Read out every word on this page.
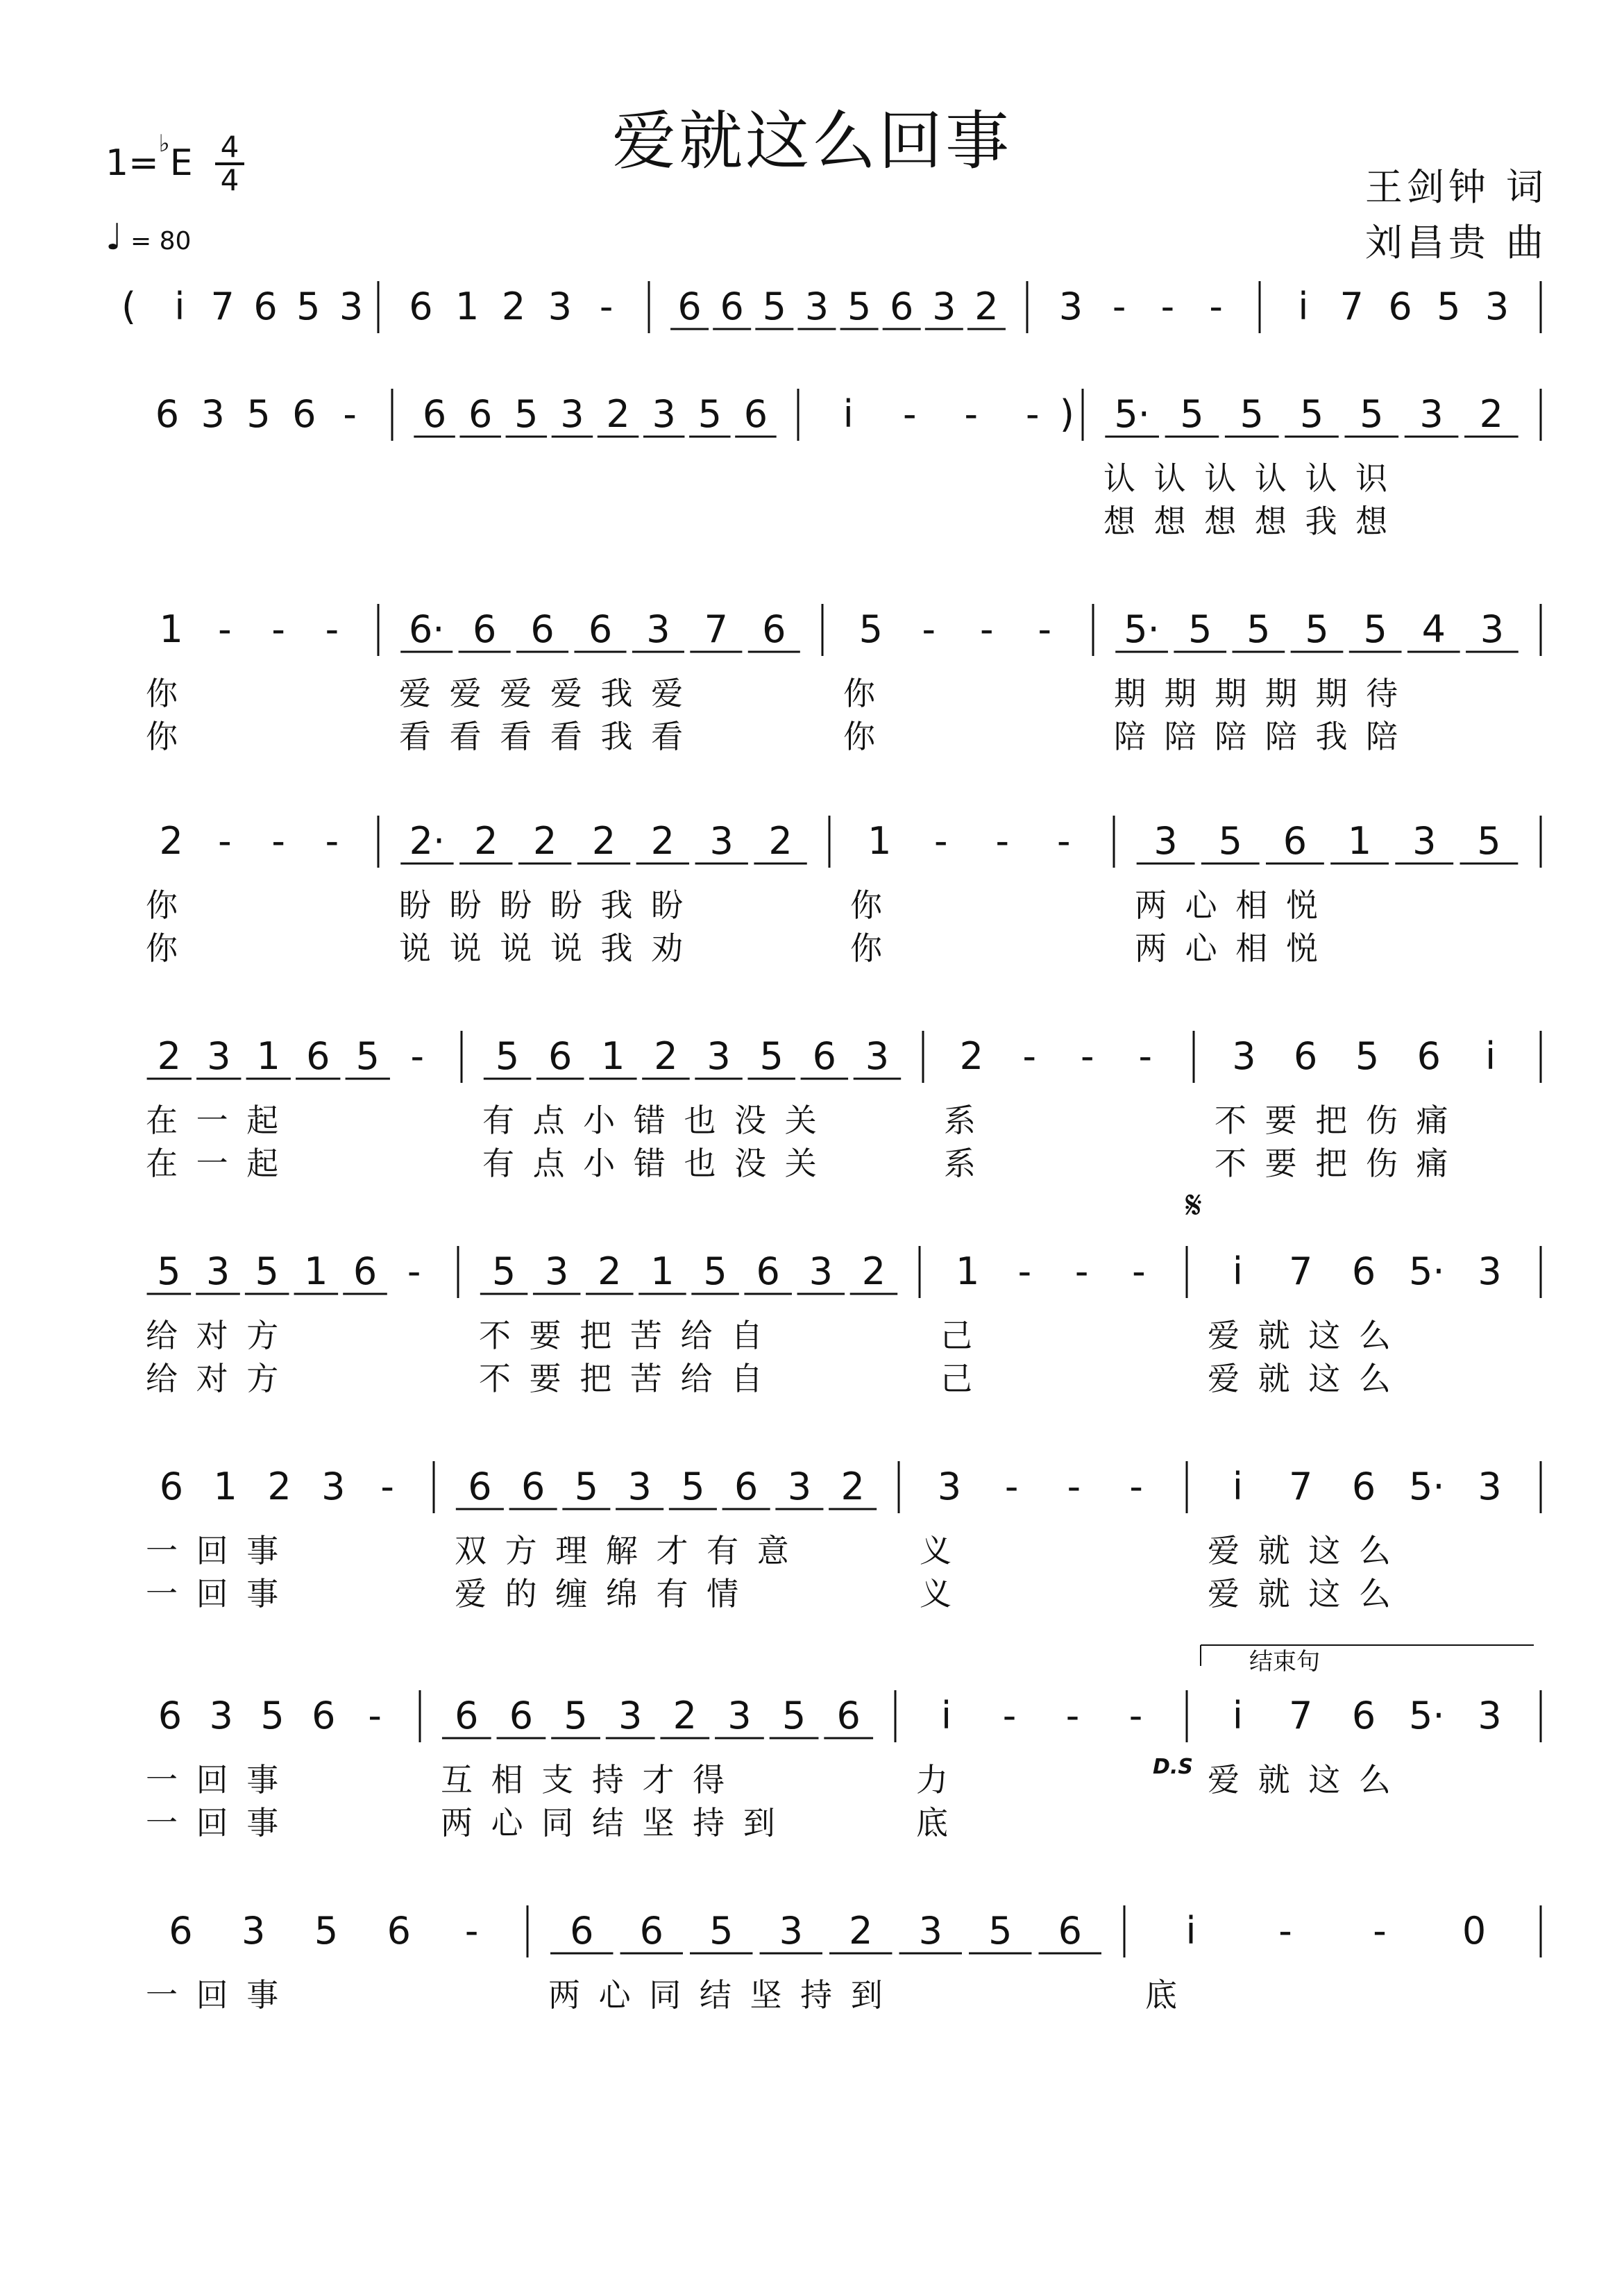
爱就这么回事
$1=^♭E \frac{4}{4}$
♩ = 80
王剑钟 词
刘昌贵 曲
( i 7 6 5 3 6 1 2 3 - 6 6 5 3 5 6 3 2 3 - - - i 7 6 5 3
6 3 5 6 - 6 6 5 3 2 3 5 6 i - - - ) 5· 5 5 5 5 3 2
认 认 认 认 认 识
想 想 想 想 我 想
1 - - - 6· 6 6 6 3 7 6 5 - - - 5· 5 5 5 5 4 3
你	爱 爱 爱 爱 我 爱	你	期 期 期 期 期 待
你	看 看 看 看 我 看	你	陪 陪 陪 陪 我 陪
2 - - - 2· 2 2 2 2 3 2 1 - - - 3 5 6 1 3 5
你	盼 盼 盼 盼 我 盼	你	两 心 相 悦
你	说 说 说 说 我 劝	你	两 心 相 悦
2 3 1 6 5 - 5 6 1 2 3 5 6 3 2 - - - 3 6 5 6 i
在 一 起	有 点 小 错 也 没 关	系	不 要 把 伤 痛
在 一 起	有 点 小 错 也 没 关	系	不 要 把 伤 痛
5 3 5 1 6 - 5 3 2 1 5 6 3 2 1 - - - i 7 6 5· 3
给 对 方	不 要 把 苦 给 自	己	爱 就 这 么
给 对 方	不 要 把 苦 给 自	己	爱 就 这 么
𝄋
6 1 2 3 - 6 6 5 3 5 6 3 2 3 - - - i 7 6 5· 3
一 回 事	双 方 理 解 才 有 意	义	爱 就 这 么
一 回 事	爱 的 缠 绵 有 情	义	爱 就 这 么
6 3 5 6 - 6 6 5 3 2 3 5 6 i - - - i 7 6 5· 3
一 回 事	互 相 支 持 才 得	力	爱 就 这 么
一 回 事	两 心 同 结 坚 持 到	底
结束句
D.S
6 3 5 6 - 6 6 5 3 2 3 5 6	i - - 0
一 回 事	两 心 同 结 坚 持 到	底
